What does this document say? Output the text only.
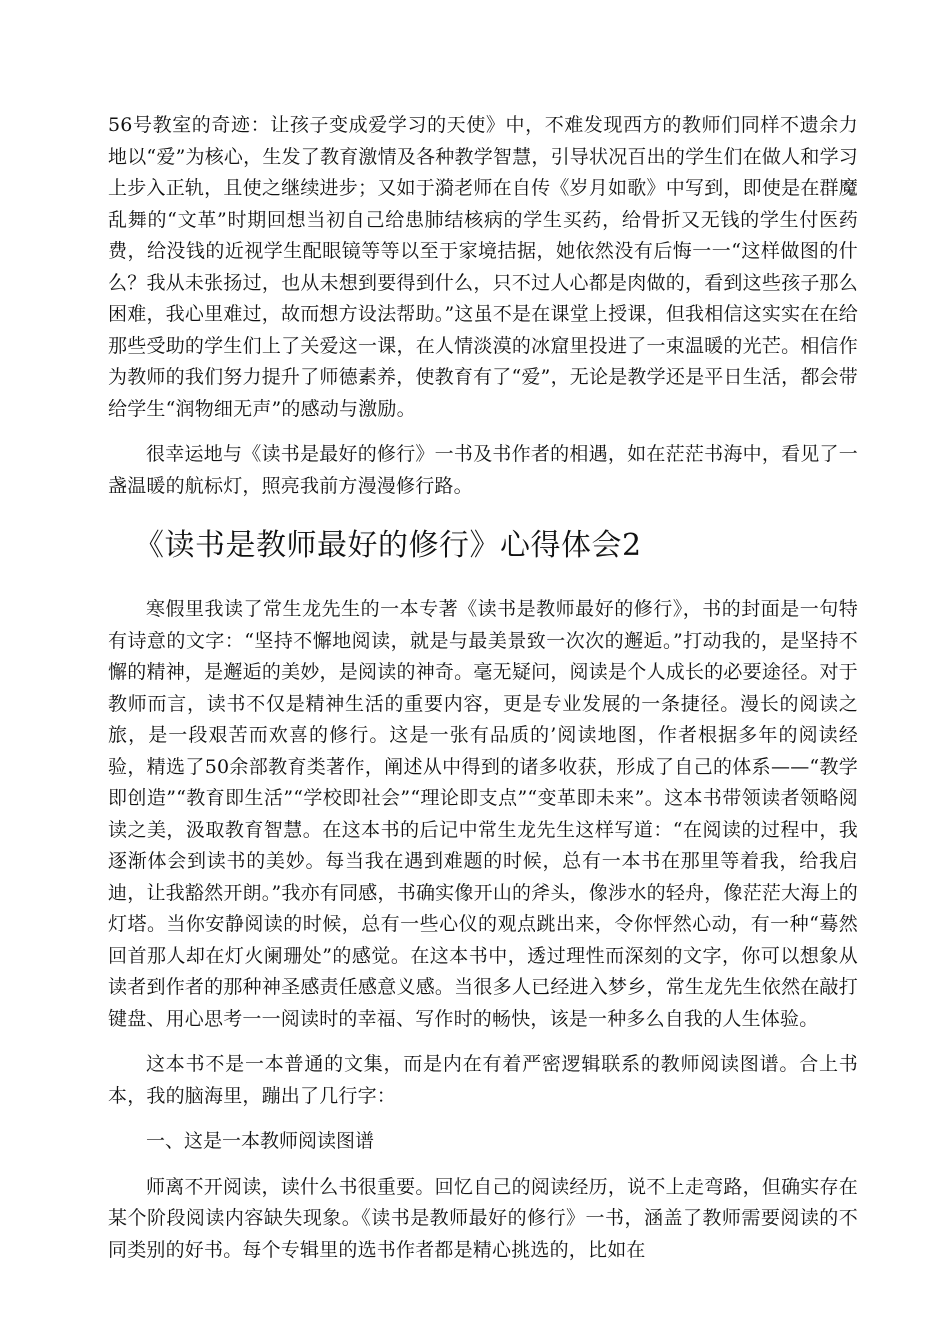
56号教室的奇迹：让孩子变成爱学习的天使》中，不难发现西方的教师们同样不遗余力地以“爱”为核心，生发了教育激情及各种教学智慧，引导状况百出的学生们在做人和学习上步入正轨，且使之继续进步；又如于漪老师在自传《岁月如歌》中写到，即使是在群魔乱舞的“文革”时期回想当初自己给患肺结核病的学生买药，给骨折又无钱的学生付医药费，给没钱的近视学生配眼镜等等以至于家境拮据，她依然没有后悔一一“这样做图的什么？我从未张扬过，也从未想到要得到什么，只不过人心都是肉做的，看到这些孩子那么困难，我心里难过，故而想方设法帮助。”这虽不是在课堂上授课，但我相信这实实在在给那些受助的学生们上了关爱这一课，在人情淡漠的冰窟里投进了一束温暖的光芒。相信作为教师的我们努力提升了师德素养，使教育有了“爱”，无论是教学还是平日生活，都会带给学生“润物细无声”的感动与激励。

很幸运地与《读书是最好的修行》一书及书作者的相遇，如在茫茫书海中，看见了一盏温暖的航标灯，照亮我前方漫漫修行路。

《读书是教师最好的修行》心得体会2

寒假里我读了常生龙先生的一本专著《读书是教师最好的修行》，书的封面是一句特有诗意的文字：“坚持不懈地阅读，就是与最美景致一次次的邂逅。”打动我的，是坚持不懈的精神，是邂逅的美妙，是阅读的神奇。毫无疑问，阅读是个人成长的必要途径。对于教师而言，读书不仅是精神生活的重要内容，更是专业发展的一条捷径。漫长的阅读之旅，是一段艰苦而欢喜的修行。这是一张有品质的’阅读地图，作者根据多年的阅读经验，精选了50余部教育类著作，阐述从中得到的诸多收获，形成了自己的体系——“教学即创造”“教育即生活”“学校即社会”“理论即支点”“变革即未来”。这本书带领读者领略阅读之美，汲取教育智慧。在这本书的后记中常生龙先生这样写道：“在阅读的过程中，我逐渐体会到读书的美妙。每当我在遇到难题的时候，总有一本书在那里等着我，给我启迪，让我豁然开朗。”我亦有同感，书确实像开山的斧头，像涉水的轻舟，像茫茫大海上的灯塔。当你安静阅读的时候，总有一些心仪的观点跳出来，令你怦然心动，有一种“蓦然回首那人却在灯火阑珊处”的感觉。在这本书中，透过理性而深刻的文字，你可以想象从读者到作者的那种神圣感责任感意义感。当很多人已经进入梦乡，常生龙先生依然在敲打键盘、用心思考一一阅读时的幸福、写作时的畅快，该是一种多么自我的人生体验。

这本书不是一本普通的文集，而是内在有着严密逻辑联系的教师阅读图谱。合上书本，我的脑海里，蹦出了几行字：

一、这是一本教师阅读图谱

师离不开阅读，读什么书很重要。回忆自己的阅读经历，说不上走弯路，但确实存在某个阶段阅读内容缺失现象。《读书是教师最好的修行》一书，涵盖了教师需要阅读的不同类别的好书。每个专辑里的选书作者都是精心挑选的，比如在
